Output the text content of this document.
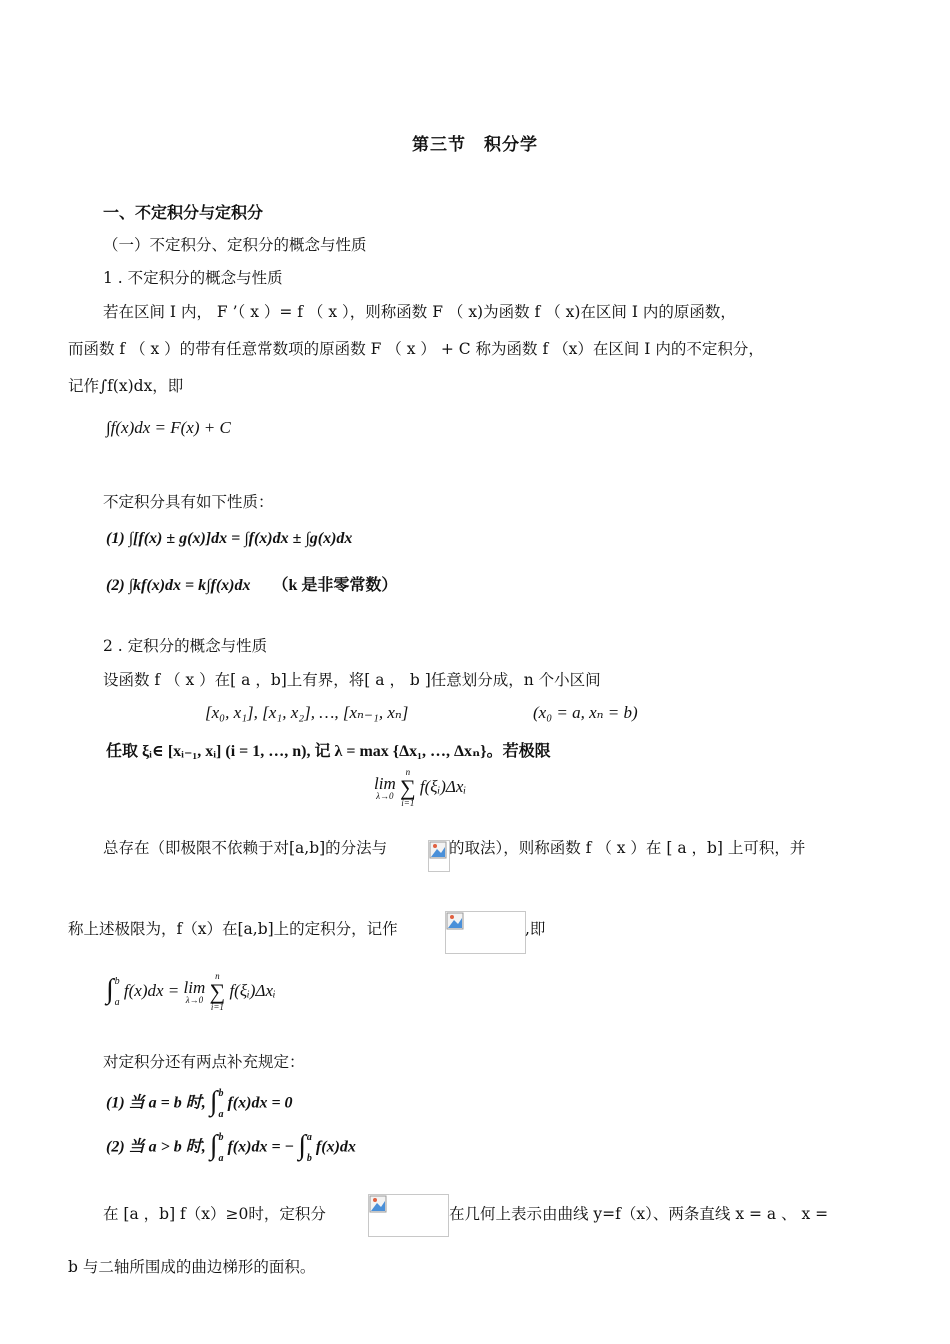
第三节　积分学
一、不定积分与定积分
（一）不定积分、定积分的概念与性质
1 . 不定积分的概念与性质
若在区间 I 内， F ’（ x ）= f （ x ），则称函数 F （ x)为函数 f （ x)在区间 I 内的原函数，
而函数 f （ x ）的带有任意常数项的原函数 F （ x ） + C 称为函数 f （x）在区间 I 内的不定积分，
记作∫f(x)dx，即
∫f(x)dx = F(x) + C
不定积分具有如下性质：
(1) ∫[f(x) ± g(x)]dx = ∫f(x)dx ± ∫g(x)dx
(2) ∫kf(x)dx = k∫f(x)dx （k 是非零常数）
2 . 定积分的概念与性质
设函数 f （ x ）在[ a ，b]上有界，将[ a ， b ]任意划分成，n 个小区间
[x₀, x₁], [x₁, x₂], …, [xₙ₋₁, xₙ]	(x₀ = a, xₙ = b)
任取 ξᵢ∈ [xᵢ₋₁, xᵢ] (i = 1, …, n), 记 λ = max {Δx₁, …, Δxₙ}。若极限
lim
λ→0

n
∑
i=1
f(ξᵢ)Δxᵢ
总存在（即极限不依赖于对[a,b]的分法与	的取法），则称函数 f （ x ）在 [ a ，b] 上可积，并
称上述极限为，f（x）在[a,b]上的定积分，记作	,即
∫ b
a
f(x)dx = lim
λ→0

n
∑
i=1
f(ξᵢ)Δxᵢ
对定积分还有两点补充规定：
(1) 当 a = b 时, ∫ b
a
f(x)dx = 0
(2) 当 a > b 时, ∫ b
a
f(x)dx = − ∫ a
b
f(x)dx
在 [a ，b] f（x）≥0时，定积分	在几何上表示由曲线 y=f（x）、两条直线 x = a 、 x =
b 与二轴所围成的曲边梯形的面积。
